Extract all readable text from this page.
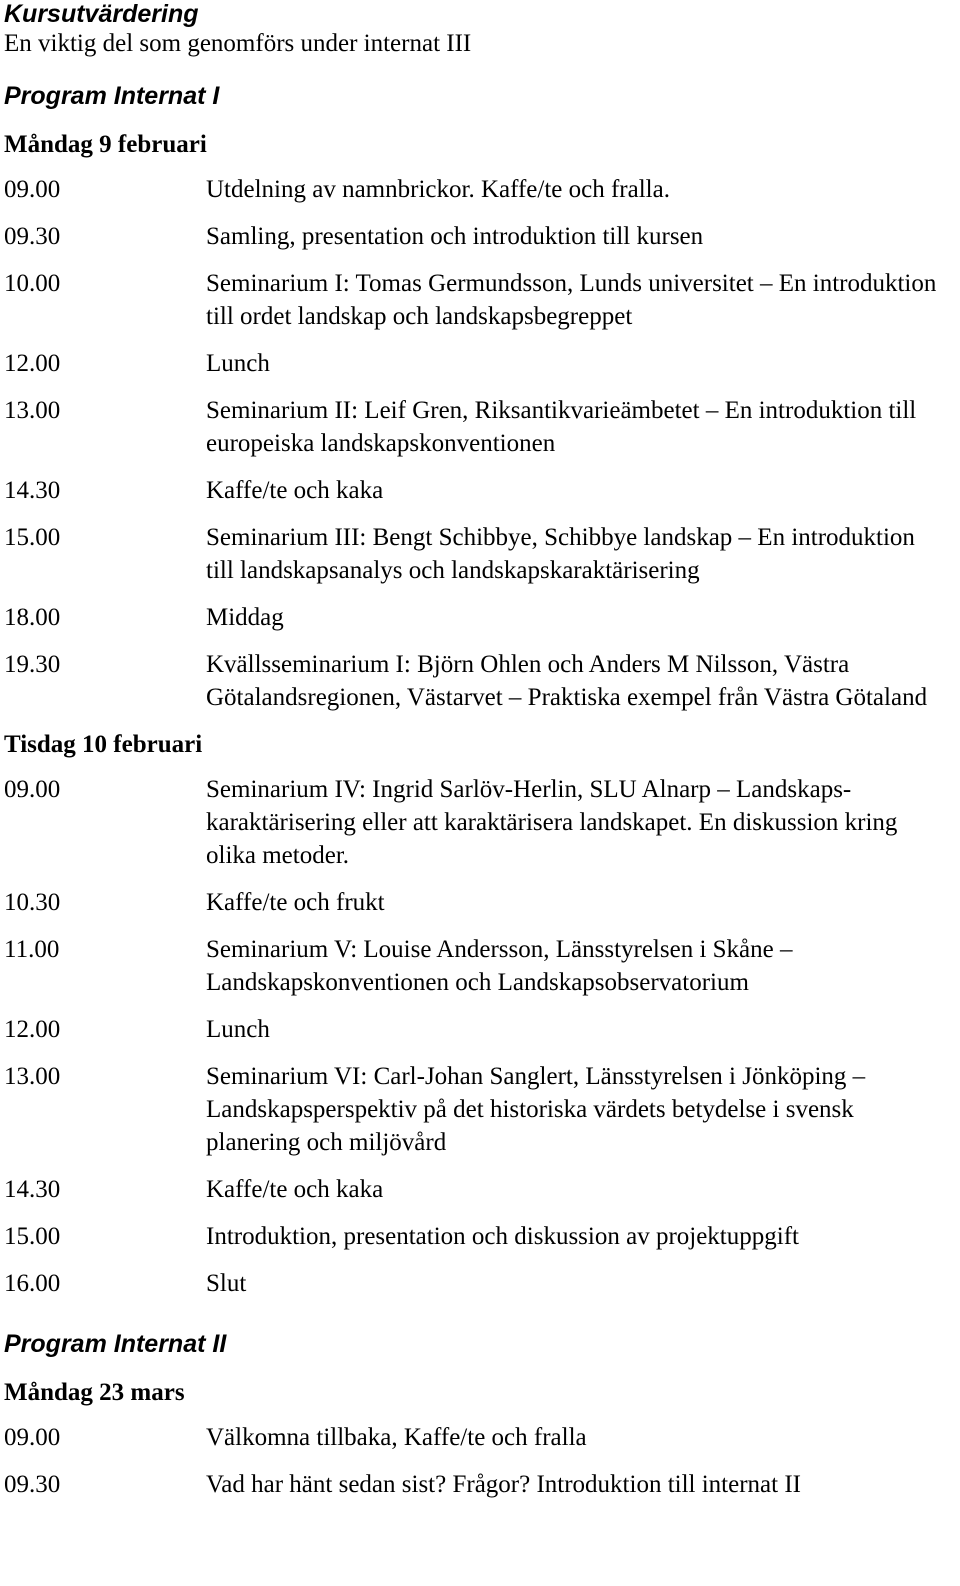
Kursutvärdering
En viktig del som genomförs under internat III
Program Internat I
Måndag 9 februari
09.00	Utdelning av namnbrickor. Kaffe/te och fralla.
09.30	Samling, presentation och introduktion till kursen
10.00	Seminarium I: Tomas Germundsson, Lunds universitet – En introduktion till ordet landskap och landskapsbegreppet
12.00	Lunch
13.00	Seminarium II: Leif Gren, Riksantikvarieämbetet – En introduktion till europeiska landskapskonventionen
14.30	Kaffe/te och kaka
15.00	Seminarium III: Bengt Schibbye, Schibbye landskap – En introduktion till landskapsanalys och landskapskaraktärisering
18.00	Middag
19.30	Kvällsseminarium I: Björn Ohlen och Anders M Nilsson, Västra Götalandsregionen, Västarvet – Praktiska exempel från Västra Götaland
Tisdag 10 februari
09.00	Seminarium IV: Ingrid Sarlöv-Herlin, SLU Alnarp – Landskaps-karaktärisering eller att karaktärisera landskapet. En diskussion kring olika metoder.
10.30	Kaffe/te och frukt
11.00	Seminarium V: Louise Andersson, Länsstyrelsen i Skåne – Landskapskonventionen och Landskapsobservatorium
12.00	Lunch
13.00	Seminarium VI: Carl-Johan Sanglert, Länsstyrelsen i Jönköping – Landskapsperspektiv på det historiska värdets betydelse i svensk planering och miljövård
14.30	Kaffe/te och kaka
15.00	Introduktion, presentation och diskussion av projektuppgift
16.00	Slut
Program Internat II
Måndag 23 mars
09.00	Välkomna tillbaka, Kaffe/te och fralla
09.30	Vad har hänt sedan sist? Frågor? Introduktion till internat II
